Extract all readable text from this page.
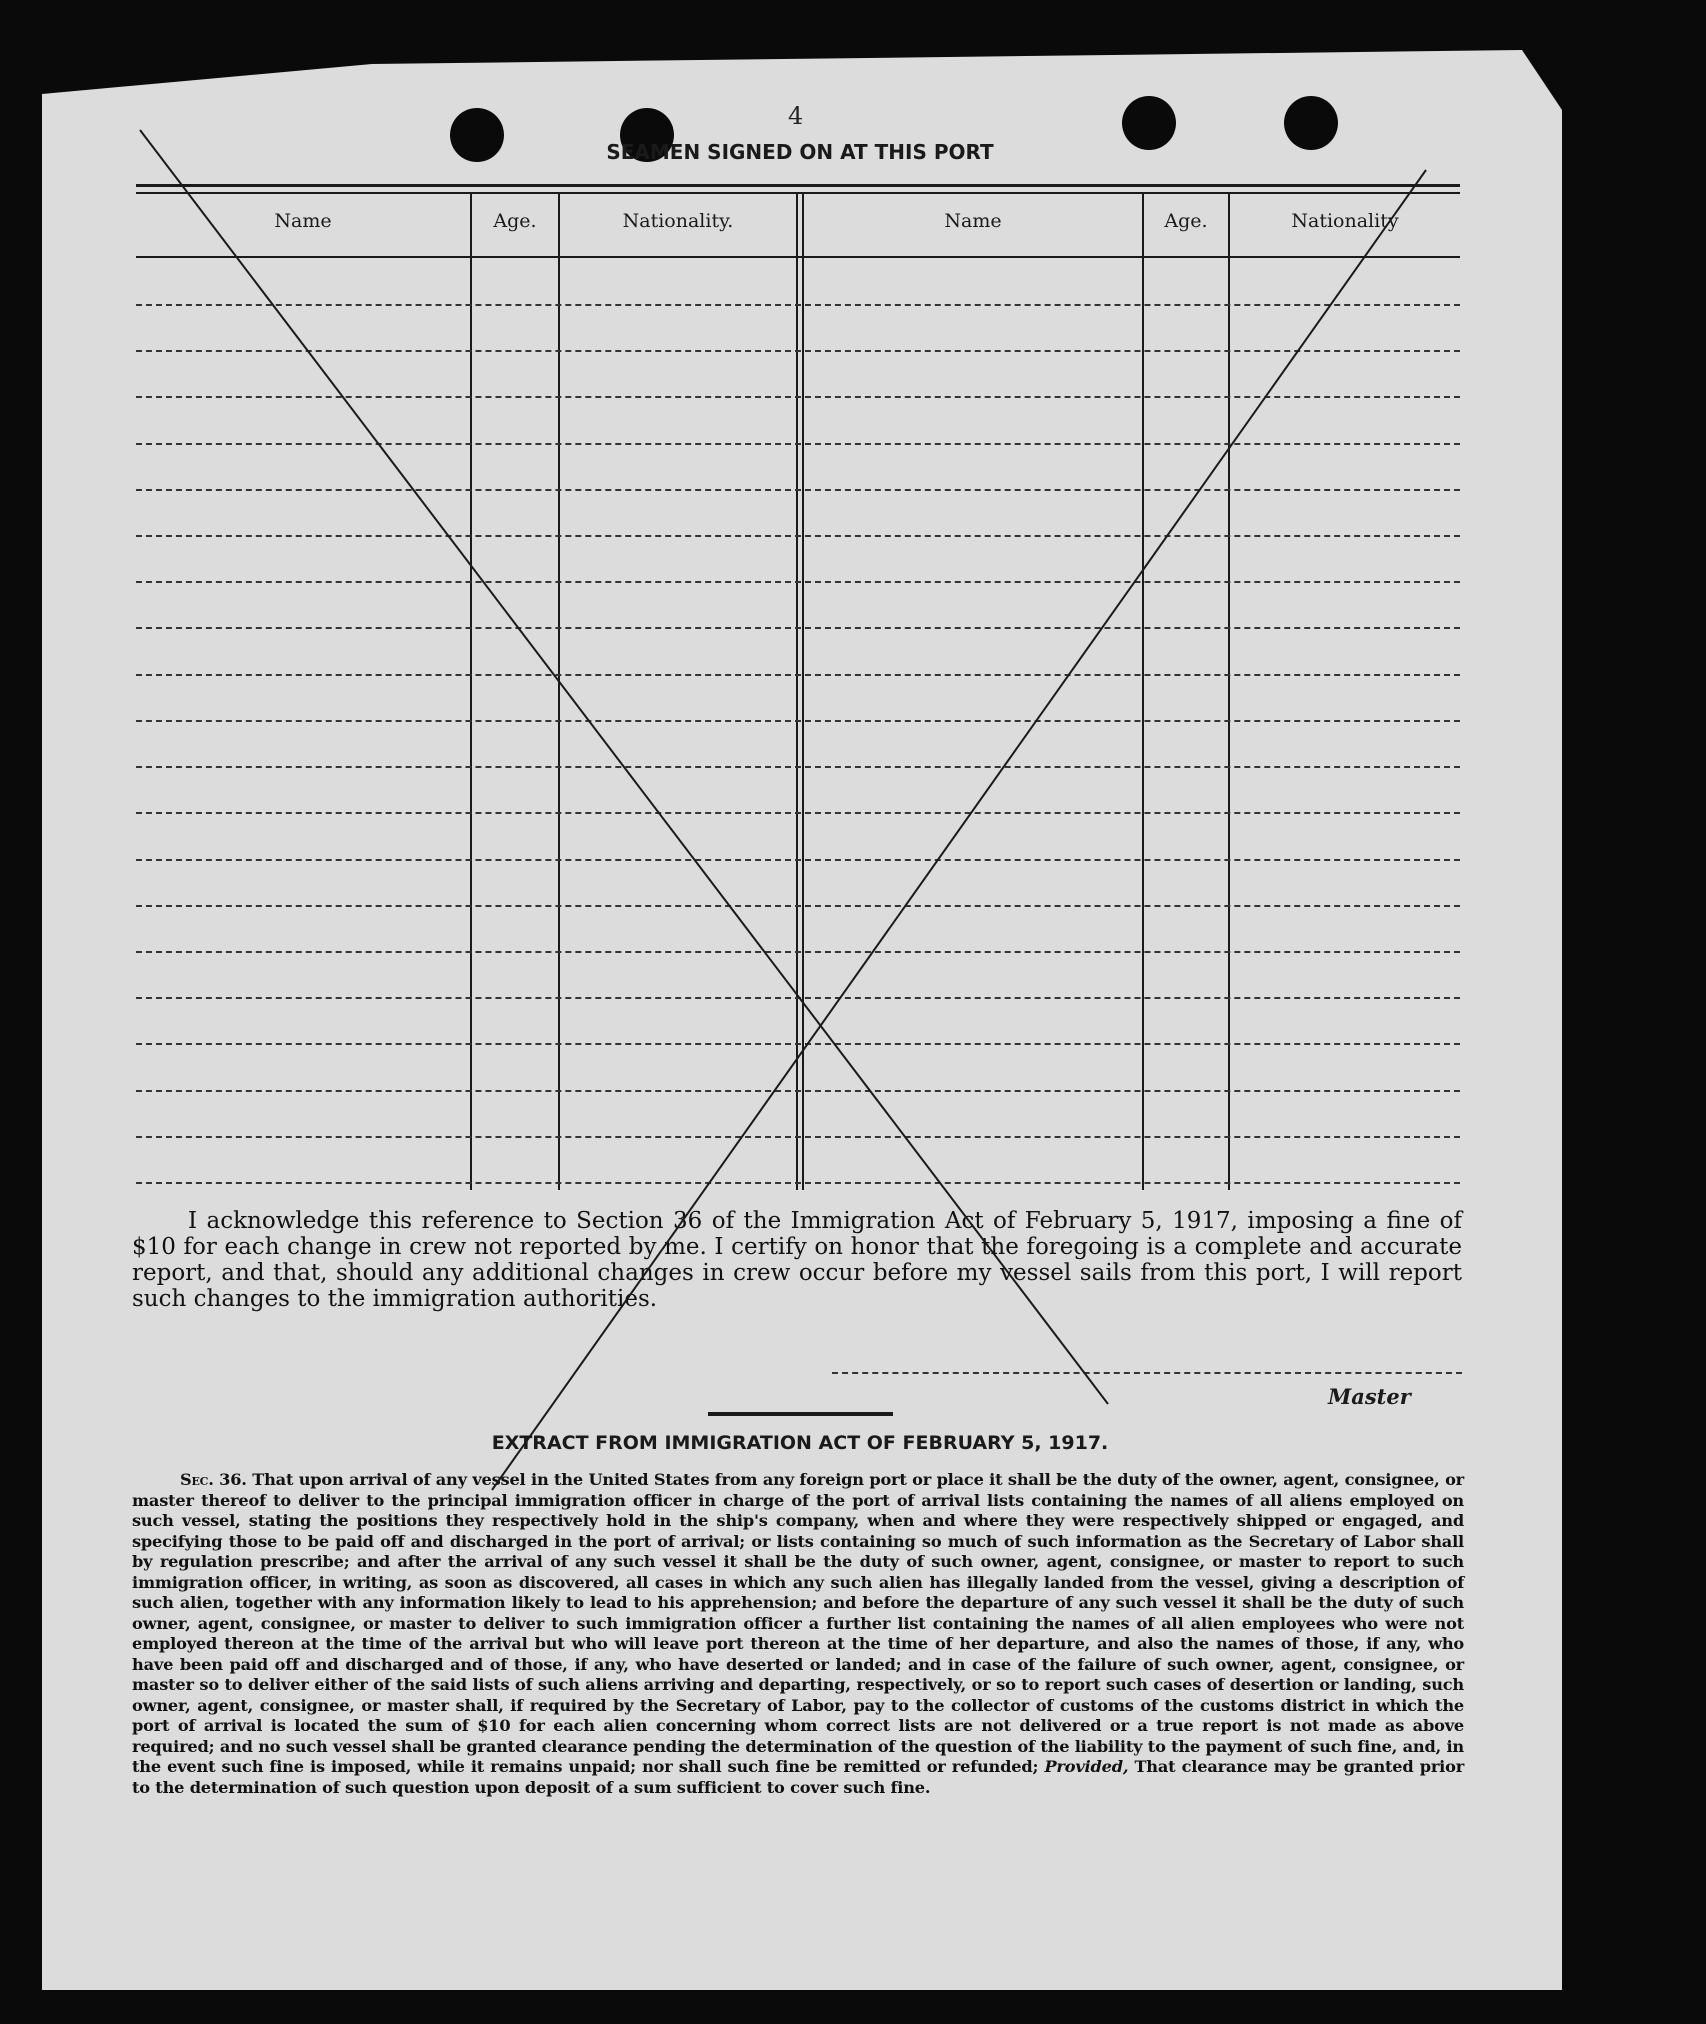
4
SEAMEN SIGNED ON AT THIS PORT
Name	Age.	Nationality.	Name	Age.	Nationality
I acknowledge this reference to Section 36 of the Immigration Act of February 5, 1917, imposing a fine of $10 for each change in crew not reported by me. I certify on honor that the foregoing is a complete and accurate report, and that, should any additional changes in crew occur before my vessel sails from this port, I will report such changes to the immigration authorities.
Master
EXTRACT FROM IMMIGRATION ACT OF FEBRUARY 5, 1917.
Sec. 36. That upon arrival of any vessel in the United States from any foreign port or place it shall be the duty of the owner, agent, consignee, or master thereof to deliver to the principal immigration officer in charge of the port of arrival lists containing the names of all aliens employed on such vessel, stating the positions they respectively hold in the ship's company, when and where they were respectively shipped or engaged, and specifying those to be paid off and discharged in the port of arrival; or lists containing so much of such information as the Secretary of Labor shall by regulation prescribe; and after the arrival of any such vessel it shall be the duty of such owner, agent, consignee, or master to report to such immigration officer, in writing, as soon as discovered, all cases in which any such alien has illegally landed from the vessel, giving a description of such alien, together with any information likely to lead to his apprehension; and before the departure of any such vessel it shall be the duty of such owner, agent, consignee, or master to deliver to such immigration officer a further list containing the names of all alien employees who were not employed thereon at the time of the arrival but who will leave port thereon at the time of her departure, and also the names of those, if any, who have been paid off and discharged and of those, if any, who have deserted or landed; and in case of the failure of such owner, agent, consignee, or master so to deliver either of the said lists of such aliens arriving and departing, respectively, or so to report such cases of desertion or landing, such owner, agent, consignee, or master shall, if required by the Secretary of Labor, pay to the collector of customs of the customs district in which the port of arrival is located the sum of $10 for each alien concerning whom correct lists are not delivered or a true report is not made as above required; and no such vessel shall be granted clearance pending the determination of the question of the liability to the payment of such fine, and, in the event such fine is imposed, while it remains unpaid; nor shall such fine be remitted or refunded; Provided, That clearance may be granted prior to the determination of such question upon deposit of a sum sufficient to cover such fine.
